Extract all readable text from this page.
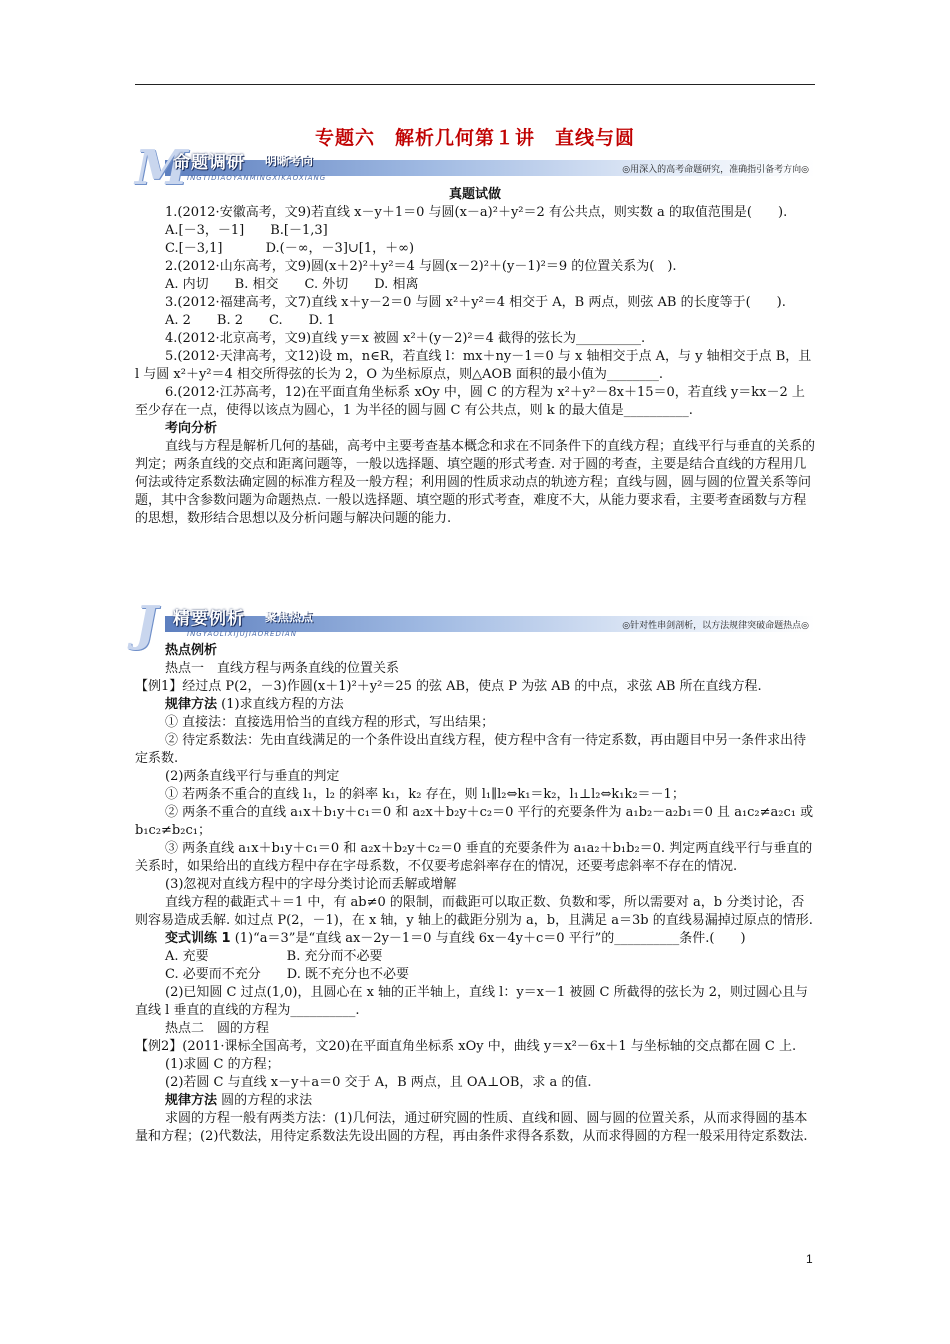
专题六　解析几何第１讲　直线与圆
M
命题调研 明晰考向
INGTIDIAOYANMINGXIKAOXIANG
◎用深入的高考命题研究，准确指引备考方向◎

真题试做

1.(2012·安徽高考，文9)若直线 x－y＋1＝0 与圆(x－a)²＋y²＝2 有公共点，则实数 a 的取值范围是(　　).

A.[－3，－1]　　B.[－1,3]

C.[－3,1]　　　 D.(－∞，－3]∪[1，＋∞)

2.(2012·山东高考，文9)圆(x＋2)²＋y²＝4 与圆(x－2)²＋(y－1)²＝9 的位置关系为(　).

A. 内切　　B. 相交　　C. 外切　　D. 相离

3.(2012·福建高考，文7)直线 x＋y－2＝0 与圆 x²＋y²＝4 相交于 A，B 两点，则弦 AB 的长度等于(　　).

A. 2　　B. 2　　C.　　D. 1

4.(2012·北京高考，文9)直线 y＝x 被圆 x²＋(y－2)²＝4 截得的弦长为__________.

5.(2012·天津高考，文12)设 m，n∈R，若直线 l：mx＋ny－1＝0 与 x 轴相交于点 A，与 y 轴相交于点 B，且 l 与圆 x²＋y²＝4 相交所得弦的长为 2，O 为坐标原点，则△AOB 面积的最小值为________.

6.(2012·江苏高考，12)在平面直角坐标系 xOy 中，圆 C 的方程为 x²＋y²－8x＋15＝0，若直线 y＝kx－2 上至少存在一点，使得以该点为圆心，1 为半径的圆与圆 C 有公共点，则 k 的最大值是__________.

考向分析

直线与方程是解析几何的基础，高考中主要考查基本概念和求在不同条件下的直线方程；直线平行与垂直的关系的判定；两条直线的交点和距离问题等，一般以选择题、填空题的形式考查. 对于圆的考查，主要是结合直线的方程用几何法或待定系数法确定圆的标准方程及一般方程；利用圆的性质求动点的轨迹方程；直线与圆，圆与圆的位置关系等问题，其中含参数问题为命题热点. 一般以选择题、填空题的形式考查，难度不大，从能力要求看，主要考查函数与方程的思想，数形结合思想以及分析问题与解决问题的能力.

J 精要例析 聚焦热点
INGYAOLIXIJUJIAOREDIAN
◎针对性串剑剖析，以方法规律突破命题热点◎

热点例析

热点一　直线方程与两条直线的位置关系

【例1】经过点 P(2，－3)作圆(x＋1)²＋y²＝25 的弦 AB，使点 P 为弦 AB 的中点，求弦 AB 所在直线方程.

规律方法 (1)求直线方程的方法

① 直接法：直接选用恰当的直线方程的形式，写出结果；

② 待定系数法：先由直线满足的一个条件设出直线方程，使方程中含有一待定系数，再由题目中另一条件求出待定系数.

(2)两条直线平行与垂直的判定

① 若两条不重合的直线 l₁，l₂ 的斜率 k₁，k₂ 存在，则 l₁∥l₂⇔k₁＝k₂，l₁⊥l₂⇔k₁k₂＝－1；

② 两条不重合的直线 a₁x＋b₁y＋c₁＝0 和 a₂x＋b₂y＋c₂＝0 平行的充要条件为 a₁b₂－a₂b₁＝0 且 a₁c₂≠a₂c₁ 或 b₁c₂≠b₂c₁；

③ 两条直线 a₁x＋b₁y＋c₁＝0 和 a₂x＋b₂y＋c₂＝0 垂直的充要条件为 a₁a₂＋b₁b₂＝0. 判定两直线平行与垂直的关系时，如果给出的直线方程中存在字母系数，不仅要考虑斜率存在的情况，还要考虑斜率不存在的情况.

(3)忽视对直线方程中的字母分类讨论而丢解或增解

直线方程的截距式＋＝1 中，有 ab≠0 的限制，而截距可以取正数、负数和零，所以需要对 a，b 分类讨论，否则容易造成丢解. 如过点 P(2，－1)，在 x 轴，y 轴上的截距分别为 a，b，且满足 a＝3b 的直线易漏掉过原点的情形.

变式训练 1 (1)“a＝3”是“直线 ax－2y－1＝0 与直线 6x－4y＋c＝0 平行”的__________条件.(　　)

A. 充要　　　　　　B. 充分而不必要

C. 必要而不充分　　D. 既不充分也不必要

(2)已知圆 C 过点(1,0)，且圆心在 x 轴的正半轴上，直线 l：y＝x－1 被圆 C 所截得的弦长为 2，则过圆心且与直线 l 垂直的直线的方程为__________.

热点二　圆的方程

【例2】(2011·课标全国高考，文20)在平面直角坐标系 xOy 中，曲线 y＝x²－6x＋1 与坐标轴的交点都在圆 C 上.

(1)求圆 C 的方程；

(2)若圆 C 与直线 x－y＋a＝0 交于 A，B 两点，且 OA⊥OB，求 a 的值.

规律方法 圆的方程的求法

求圆的方程一般有两类方法：(1)几何法，通过研究圆的性质、直线和圆、圆与圆的位置关系，从而求得圆的基本量和方程；(2)代数法，用待定系数法先设出圆的方程，再由条件求得各系数，从而求得圆的方程一般采用待定系数法.

1
